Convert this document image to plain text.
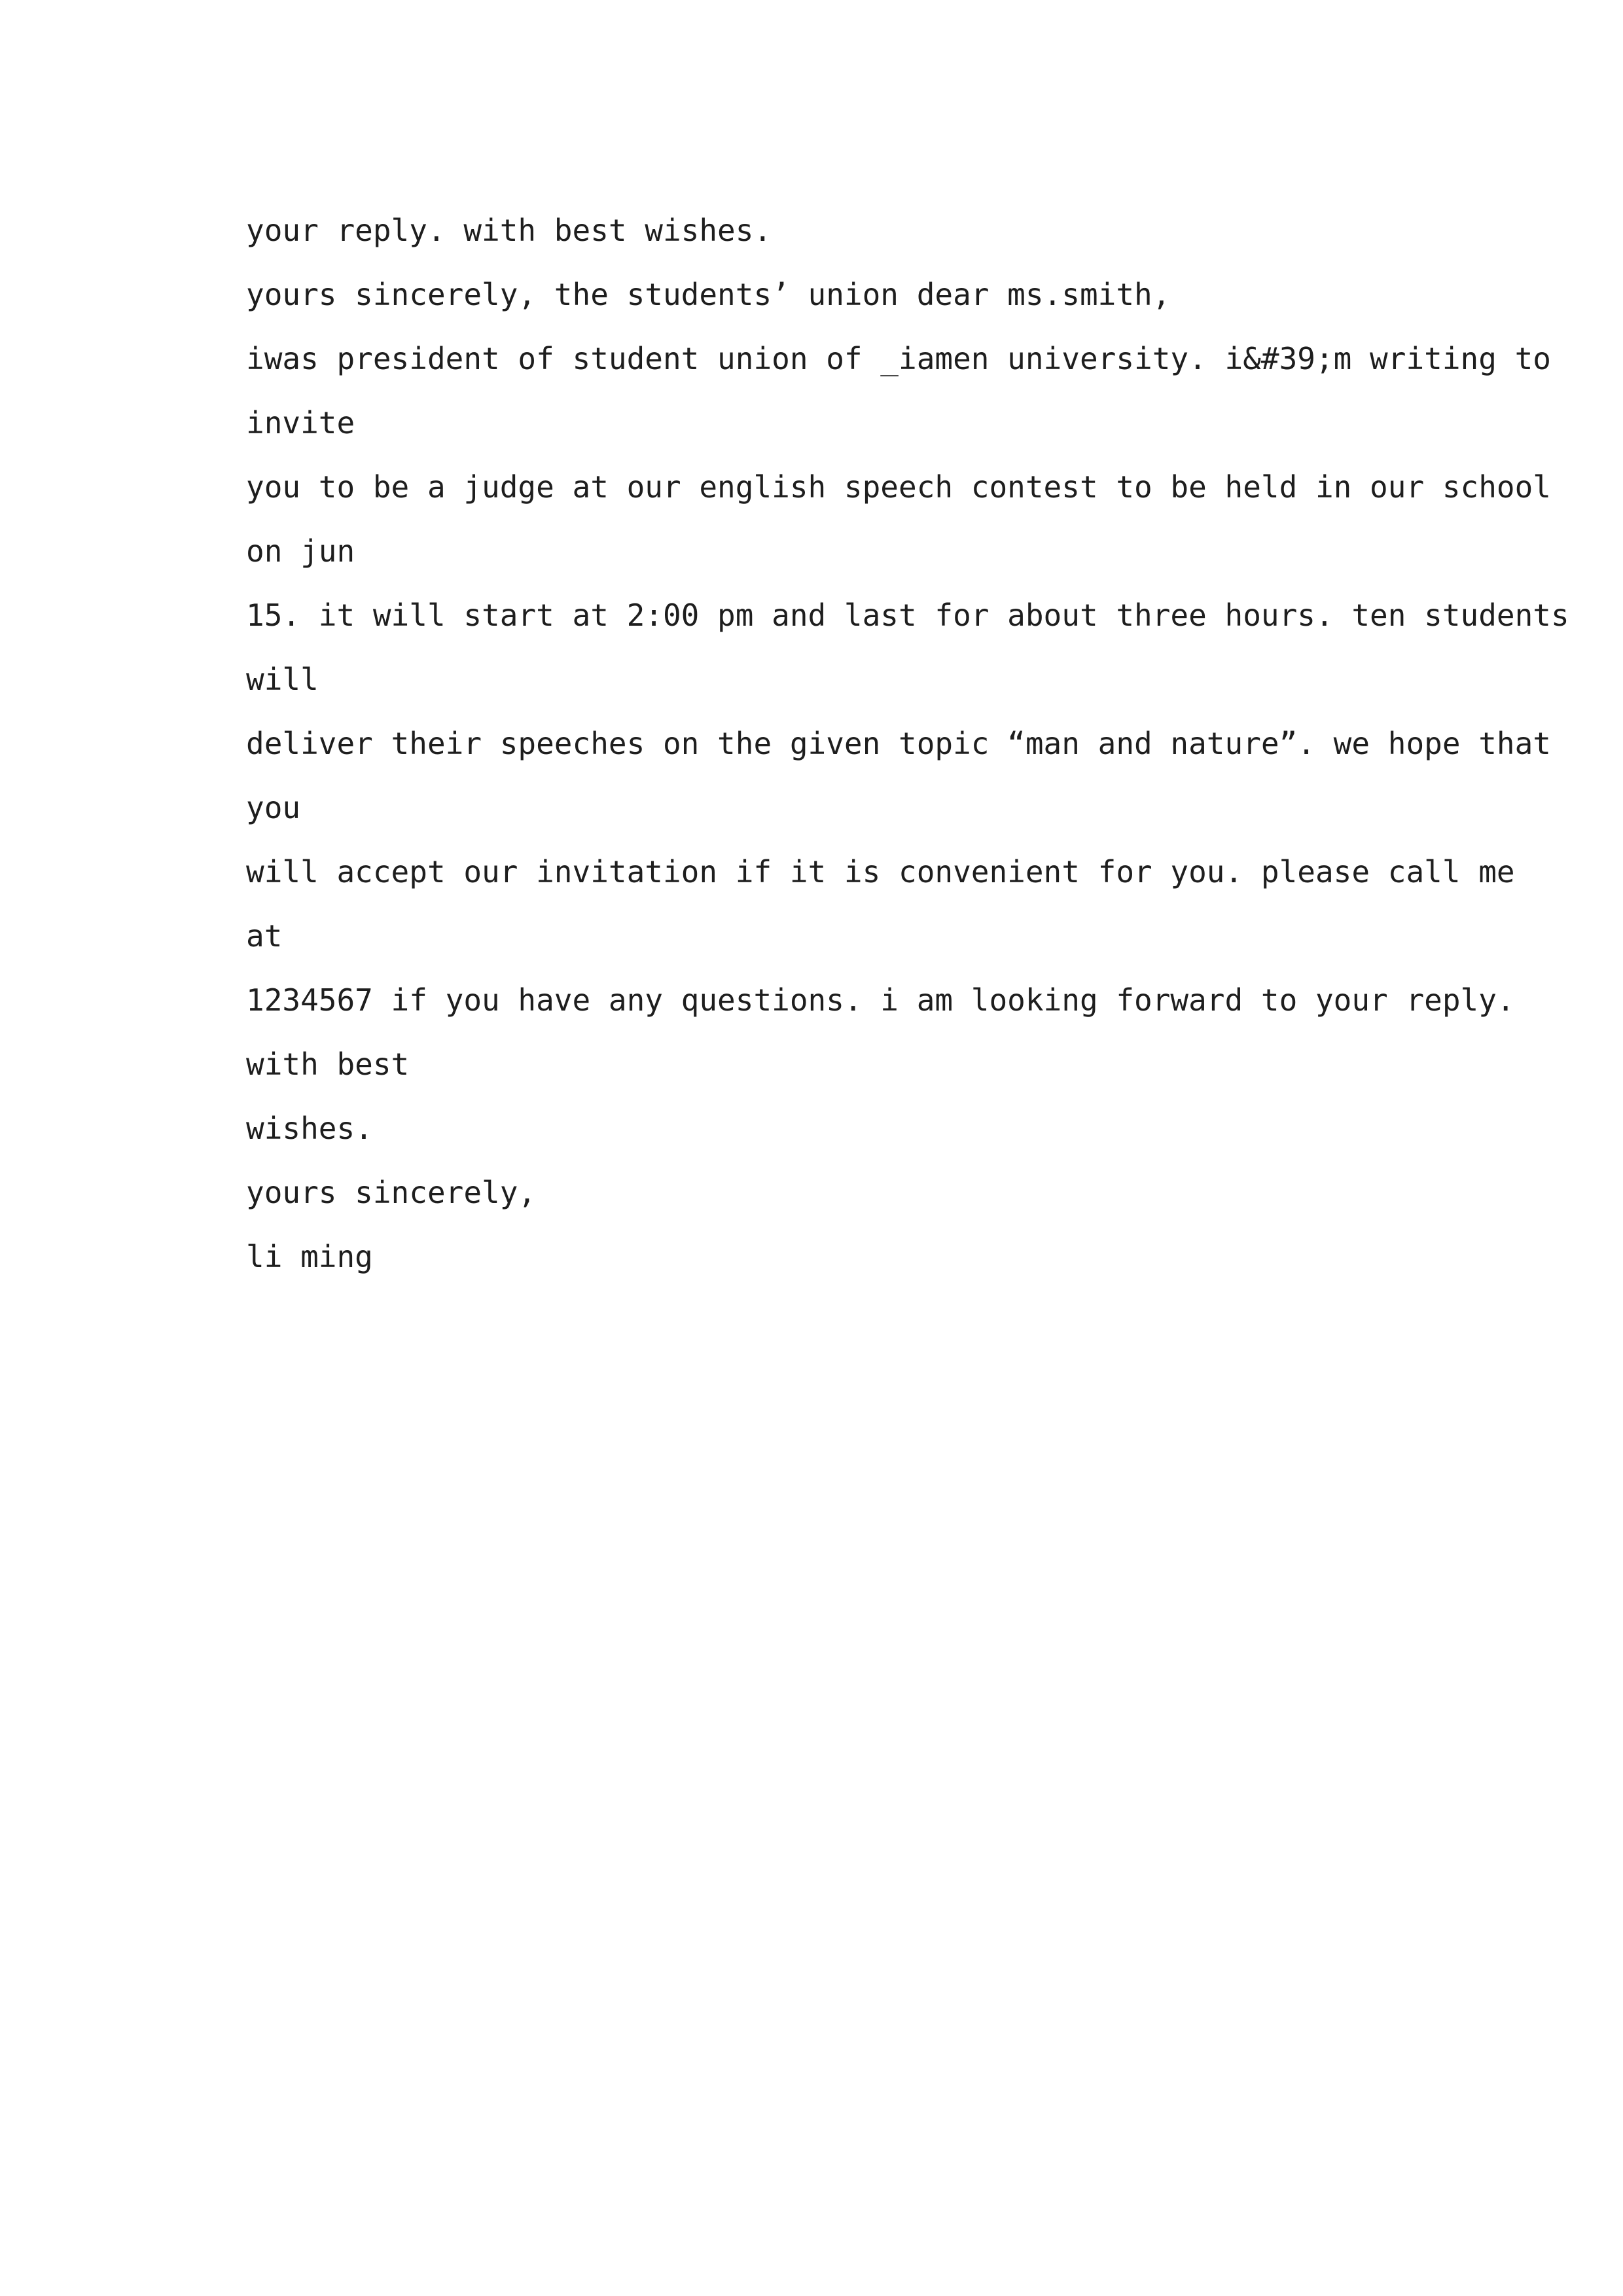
your reply. with best wishes.
yours sincerely, the students’ union dear ms.smith,
iwas president of student union of _iamen university. i&#39;m writing to
invite
you to be a judge at our english speech contest to be held in our school
on jun
15. it will start at 2:00 pm and last for about three hours. ten students
will
deliver their speeches on the given topic “man and nature”. we hope that
you
will accept our invitation if it is convenient for you. please call me
at
1234567 if you have any questions. i am looking forward to your reply.
with best
wishes.
yours sincerely,
li ming
